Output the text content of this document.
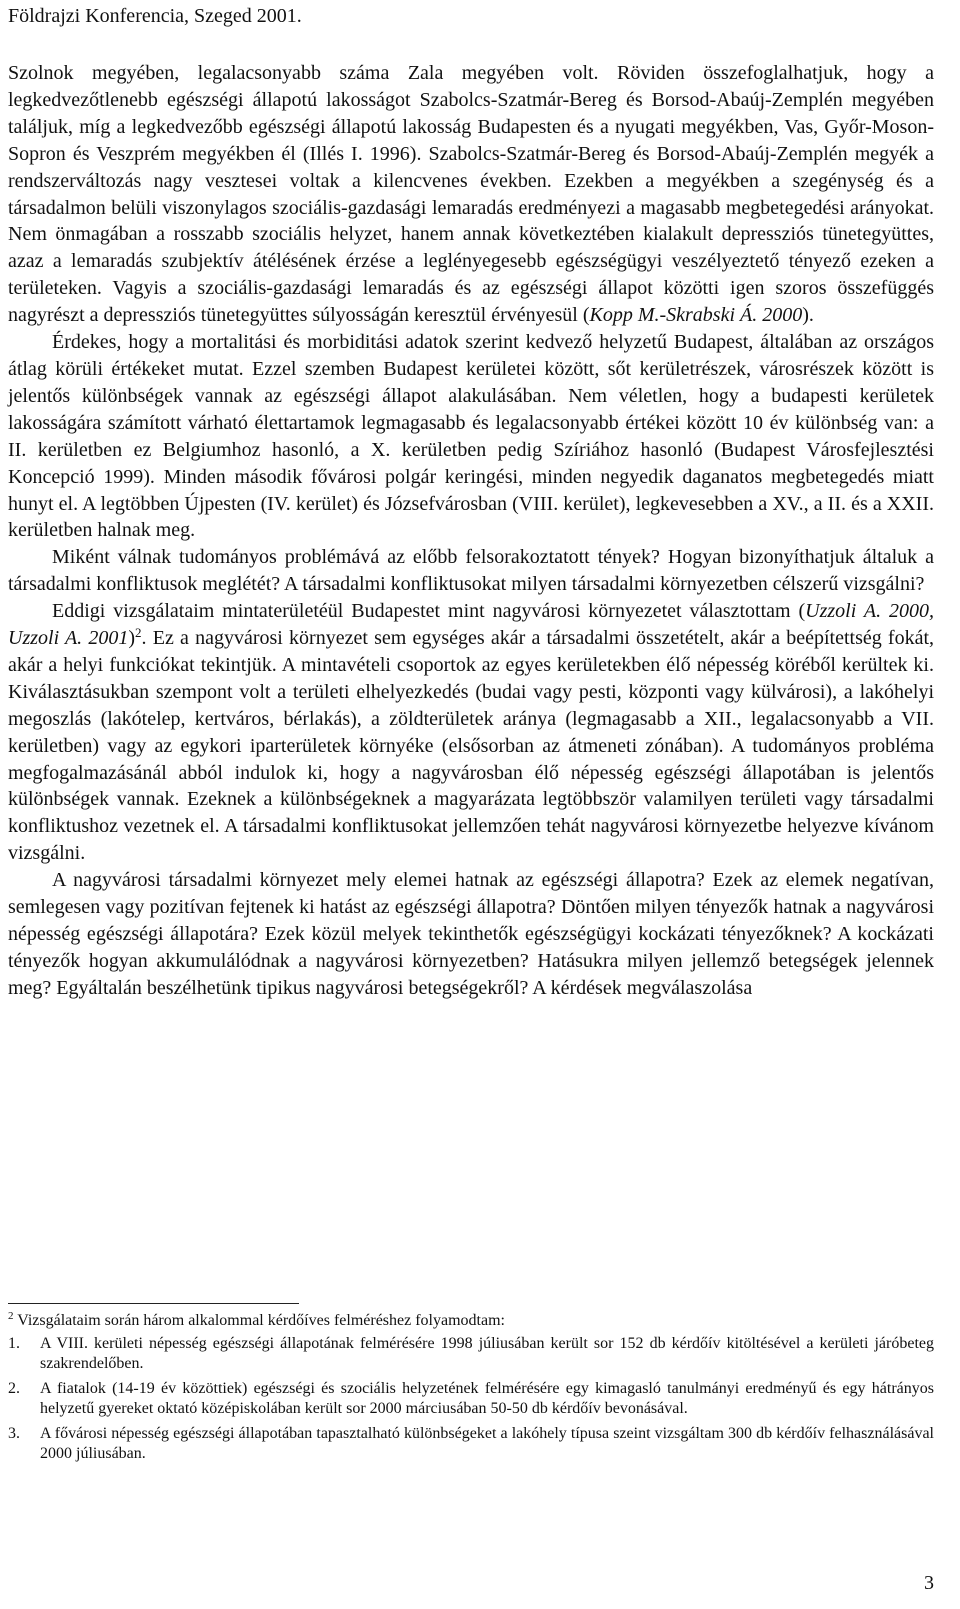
Földrajzi Konferencia, Szeged 2001.

Szolnok megyében, legalacsonyabb száma Zala megyében volt. Röviden összefoglalhatjuk, hogy a legkedvezőtlenebb egészségi állapotú lakosságot Szabolcs-Szatmár-Bereg és Borsod-Abaúj-Zemplén megyében találjuk, míg a legkedvezőbb egészségi állapotú lakosság Budapesten és a nyugati megyékben, Vas, Győr-Moson-Sopron és Veszprém megyékben él (Illés I. 1996). Szabolcs-Szatmár-Bereg és Borsod-Abaúj-Zemplén megyék a rendszerváltozás nagy vesztesei voltak a kilencvenes években. Ezekben a megyékben a szegénység és a társadalmon belüli viszonylagos szociális-gazdasági lemaradás eredményezi a magasabb megbetegedési arányokat. Nem önmagában a rosszabb szociális helyzet, hanem annak következtében kialakult depressziós tünetegyüttes, azaz a lemaradás szubjektív átélésének érzése a leglényegesebb egészségügyi veszélyeztető tényező ezeken a területeken. Vagyis a szociális-gazdasági lemaradás és az egészségi állapot közötti igen szoros összefüggés nagyrészt a depressziós tünetegyüttes súlyosságán keresztül érvényesül (Kopp M.-Skrabski Á. 2000).

Érdekes, hogy a mortalitási és morbiditási adatok szerint kedvező helyzetű Budapest, általában az országos átlag körüli értékeket mutat. Ezzel szemben Budapest kerületei között, sőt kerületrészek, városrészek között is jelentős különbségek vannak az egészségi állapot alakulásában. Nem véletlen, hogy a budapesti kerületek lakosságára számított várható élettartamok legmagasabb és legalacsonyabb értékei között 10 év különbség van: a II. kerületben ez Belgiumhoz hasonló, a X. kerületben pedig Szíriához hasonló (Budapest Városfejlesztési Koncepció 1999). Minden második fővárosi polgár keringési, minden negyedik daganatos megbetegedés miatt hunyt el. A legtöbben Újpesten (IV. kerület) és Józsefvárosban (VIII. kerület), legkevesebben a XV., a II. és a XXII. kerületben halnak meg.

Miként válnak tudományos problémává az előbb felsorakoztatott tények? Hogyan bizonyíthatjuk általuk a társadalmi konfliktusok meglétét? A társadalmi konfliktusokat milyen társadalmi környezetben célszerű vizsgálni?

Eddigi vizsgálataim mintaterületéül Budapestet mint nagyvárosi környezetet választottam (Uzzoli A. 2000, Uzzoli A. 2001)$^2$. Ez a nagyvárosi környezet sem egységes akár a társadalmi összetételt, akár a beépítettség fokát, akár a helyi funkciókat tekintjük. A mintavételi csoportok az egyes kerületekben élő népesség köréből kerültek ki. Kiválasztásukban szempont volt a területi elhelyezkedés (budai vagy pesti, központi vagy külvárosi), a lakóhelyi megoszlás (lakótelep, kertváros, bérlakás), a zöldterületek aránya (legmagasabb a XII., legalacsonyabb a VII. kerületben) vagy az egykori iparterületek környéke (elsősorban az átmeneti zónában). A tudományos probléma megfogalmazásánál abból indulok ki, hogy a nagyvárosban élő népesség egészségi állapotában is jelentős különbségek vannak. Ezeknek a különbségeknek a magyarázata legtöbbször valamilyen területi vagy társadalmi konfliktushoz vezetnek el. A társadalmi konfliktusokat jellemzően tehát nagyvárosi környezetbe helyezve kívánom vizsgálni.

A nagyvárosi társadalmi környezet mely elemei hatnak az egészségi állapotra? Ezek az elemek negatívan, semlegesen vagy pozitívan fejtenek ki hatást az egészségi állapotra? Döntően milyen tényezők hatnak a nagyvárosi népesség egészségi állapotára? Ezek közül melyek tekinthetők egészségügyi kockázati tényezőknek? A kockázati tényezők hogyan akkumulálódnak a nagyvárosi környezetben? Hatásukra milyen jellemző betegségek jelennek meg? Egyáltalán beszélhetünk tipikus nagyvárosi betegségekről? A kérdések megválaszolása

$^2$ Vizsgálataim során három alkalommal kérdőíves felméréshez folyamodtam:

1.	A VIII. kerületi népesség egészségi állapotának felmérésére 1998 júliusában került sor 152 db kérdőív kitöltésével a kerületi járóbeteg szakrendelőben.
2.	A fiatalok (14-19 év közöttiek) egészségi és szociális helyzetének felmérésére egy kimagasló tanulmányi eredményű és egy hátrányos helyzetű gyereket oktató középiskolában került sor 2000 márciusában 50-50 db kérdőív bevonásával.
3.	A fővárosi népesség egészségi állapotában tapasztalható különbségeket a lakóhely típusa szeint vizsgáltam 300 db kérdőív felhasználásával 2000 júliusában.
3
